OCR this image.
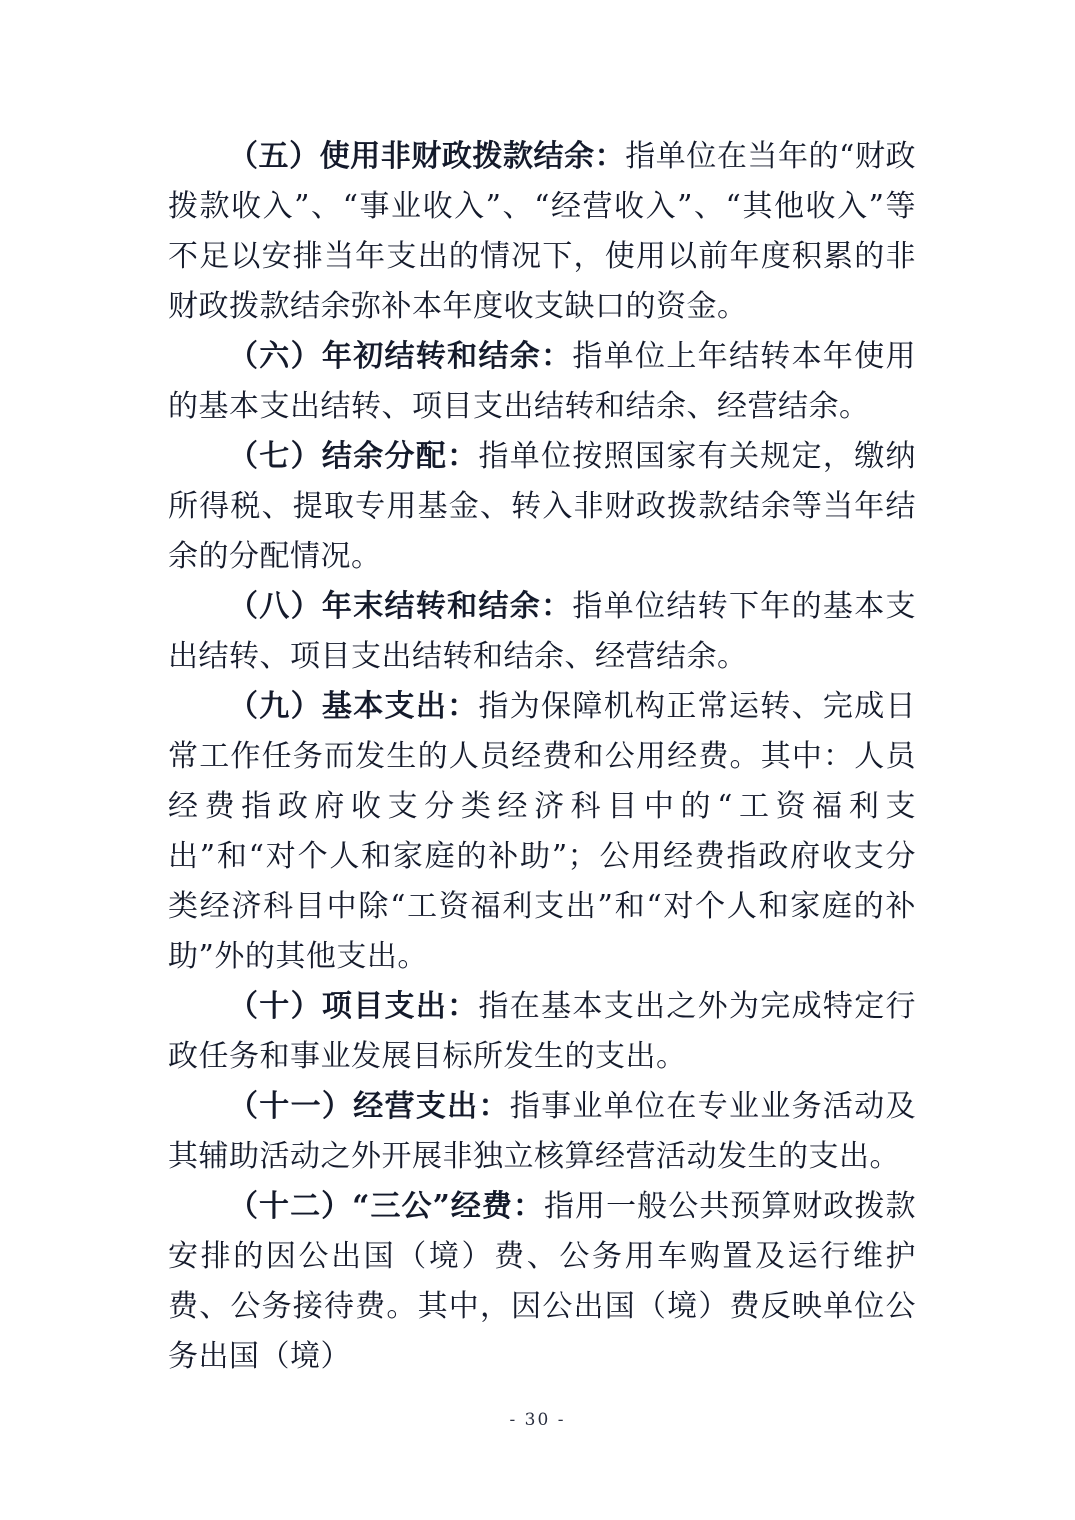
（五）使用非财政拨款结余：指单位在当年的“财政拨款收入”、“事业收入”、“经营收入”、“其他收入”等不足以安排当年支出的情况下，使用以前年度积累的非财政拨款结余弥补本年度收支缺口的资金。

（六）年初结转和结余：指单位上年结转本年使用的基本支出结转、项目支出结转和结余、经营结余。

（七）结余分配：指单位按照国家有关规定，缴纳所得税、提取专用基金、转入非财政拨款结余等当年结余的分配情况。

（八）年末结转和结余：指单位结转下年的基本支出结转、项目支出结转和结余、经营结余。

（九）基本支出：指为保障机构正常运转、完成日常工作任务而发生的人员经费和公用经费。其中：人员经费指政府收支分类经济科目中的“工资福利支出”和“对个人和家庭的补助”；公用经费指政府收支分类经济科目中除“工资福利支出”和“对个人和家庭的补助”外的其他支出。

（十）项目支出：指在基本支出之外为完成特定行政任务和事业发展目标所发生的支出。

（十一）经营支出：指事业单位在专业业务活动及其辅助活动之外开展非独立核算经营活动发生的支出。

（十二）“三公”经费：指用一般公共预算财政拨款安排的因公出国（境）费、公务用车购置及运行维护费、公务接待费。其中，因公出国（境）费反映单位公务出国（境）

- 30 -
